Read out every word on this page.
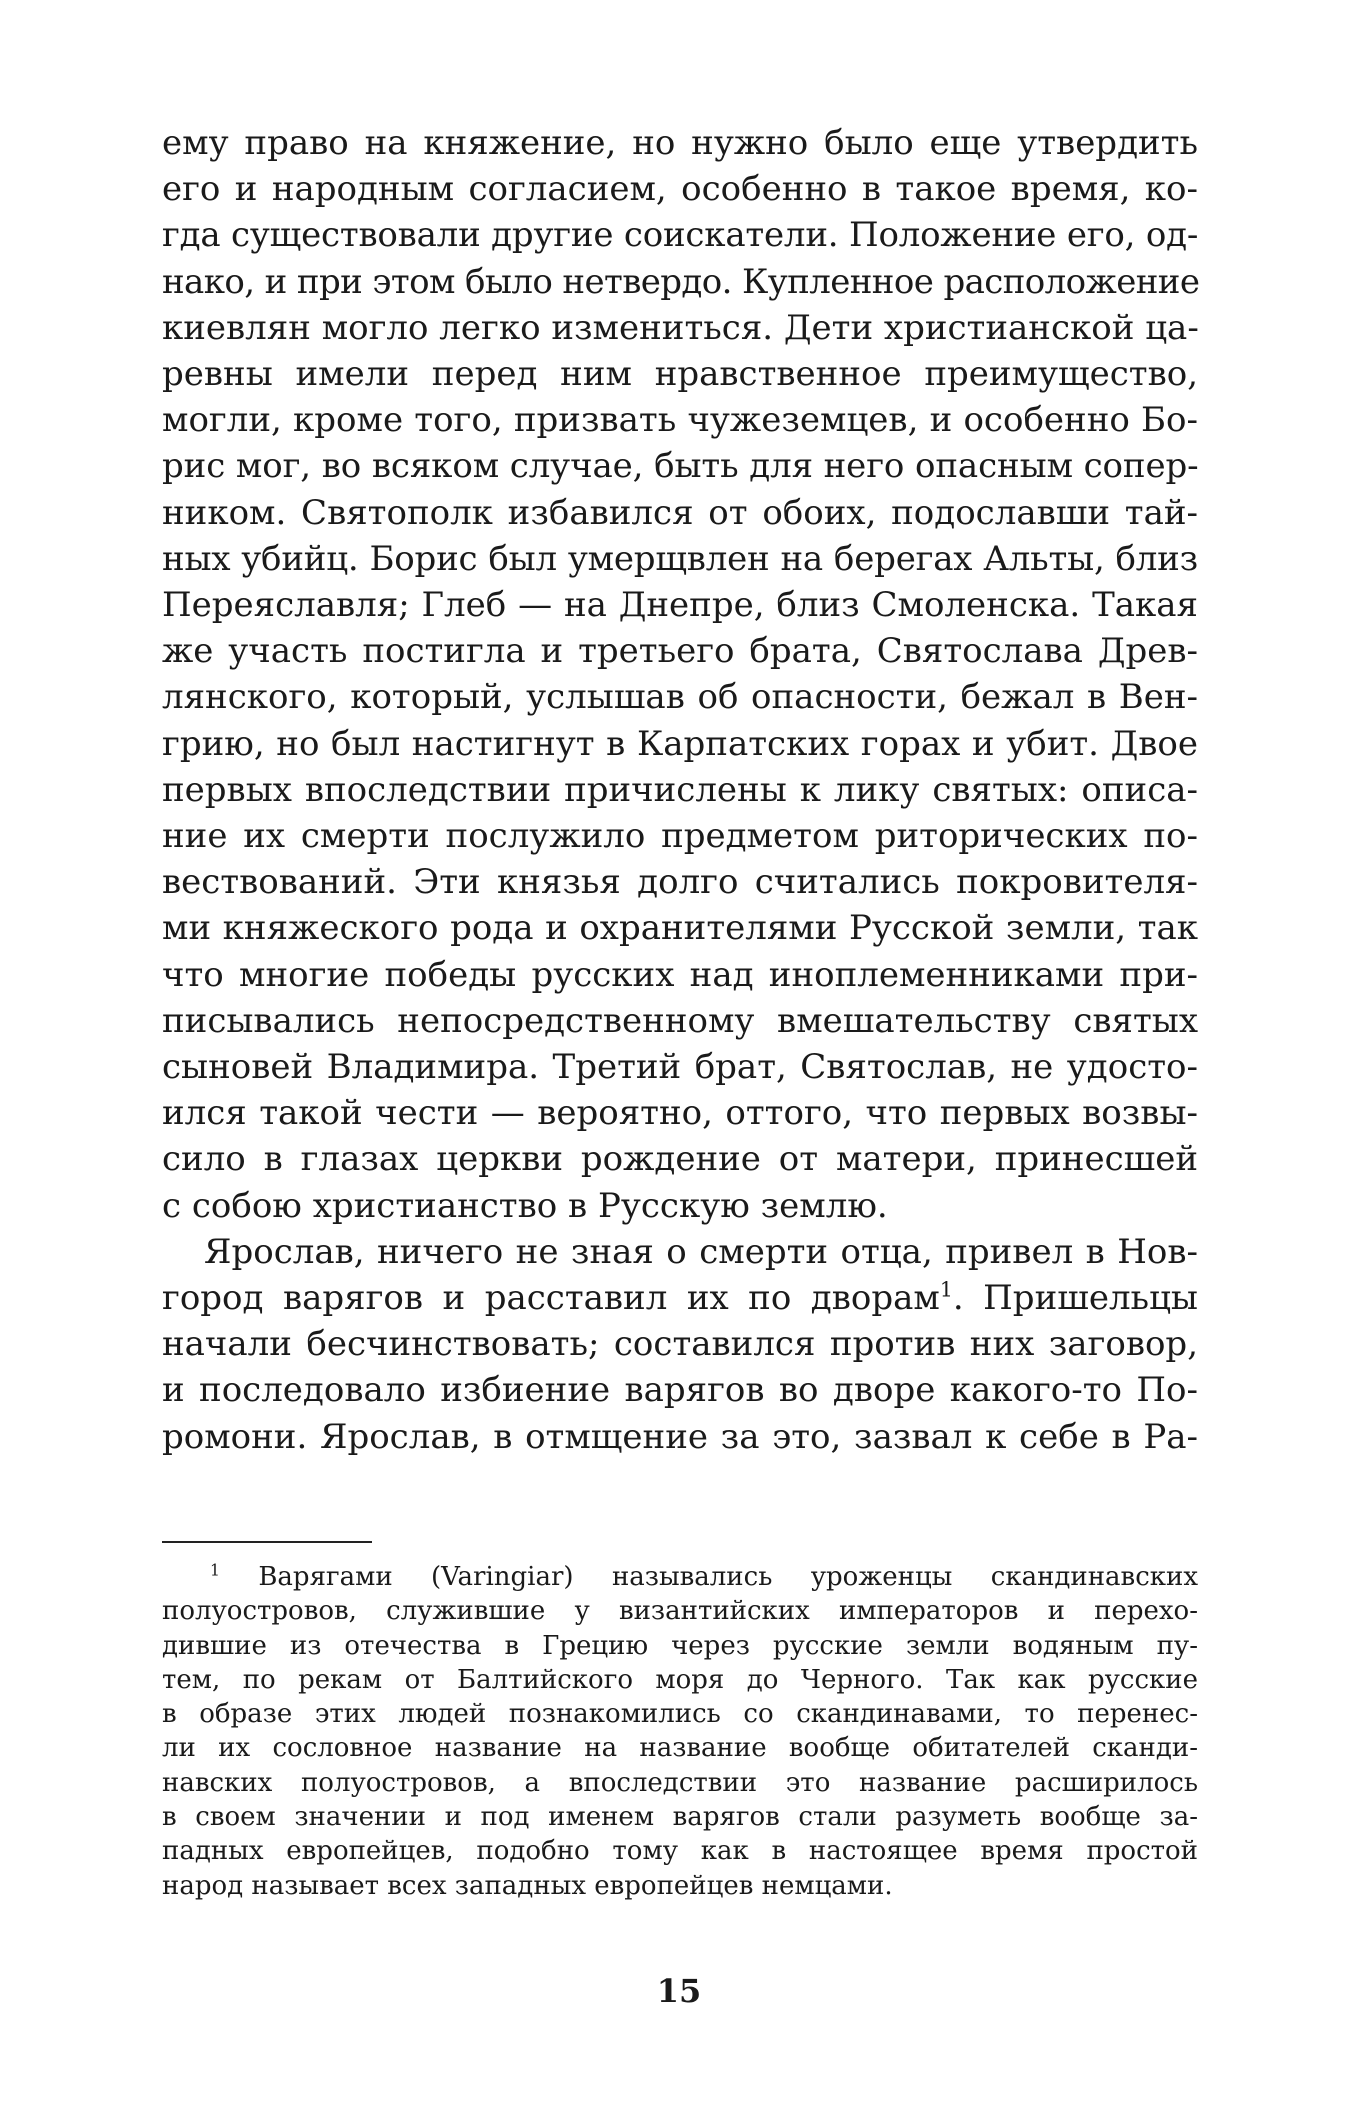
ему право на княжение, но нужно было еще утвердить
его и народным согласием, особенно в такое время, ко-
гда существовали другие соискатели. Положение его, од-
нако, и при этом было нетвердо. Купленное расположение
киевлян могло легко измениться. Дети христианской ца-
ревны имели перед ним нравственное преимущество,
могли, кроме того, призвать чужеземцев, и особенно Бо-
рис мог, во всяком случае, быть для него опасным сопер-
ником. Святополк избавился от обоих, подославши тай-
ных убийц. Борис был умерщвлен на берегах Альты, близ
Переяславля; Глеб — на Днепре, близ Смоленска. Такая
же участь постигла и третьего брата, Святослава Древ-
лянского, который, услышав об опасности, бежал в Вен-
грию, но был настигнут в Карпатских горах и убит. Двое
первых впоследствии причислены к лику святых: описа-
ние их смерти послужило предметом риторических по-
вествований. Эти князья долго считались покровителя-
ми княжеского рода и охранителями Русской земли, так
что многие победы русских над иноплеменниками при-
писывались непосредственному вмешательству святых
сыновей Владимира. Третий брат, Святослав, не удосто-
ился такой чести — вероятно, оттого, что первых возвы-
сило в глазах церкви рождение от матери, принесшей
с собою христианство в Русскую землю.
Ярослав, ничего не зная о смерти отца, привел в Нов-
город варягов и расставил их по дворам$^1$. Пришельцы
начали бесчинствовать; составился против них заговор,
и последовало избиение варягов во дворе какого-то По-
ромони. Ярослав, в отмщение за это, зазвал к себе в Ра-
$^1$ Варягами (Varingiar) назывались уроженцы скандинавских
полуостровов, служившие у византийских императоров и перехо-
дившие из отечества в Грецию через русские земли водяным пу-
тем, по рекам от Балтийского моря до Черного. Так как русские
в образе этих людей познакомились со скандинавами, то перенес-
ли их сословное название на название вообще обитателей сканди-
навских полуостровов, а впоследствии это название расширилось
в своем значении и под именем варягов стали разуметь вообще за-
падных европейцев, подобно тому как в настоящее время простой
народ называет всех западных европейцев немцами.
15
